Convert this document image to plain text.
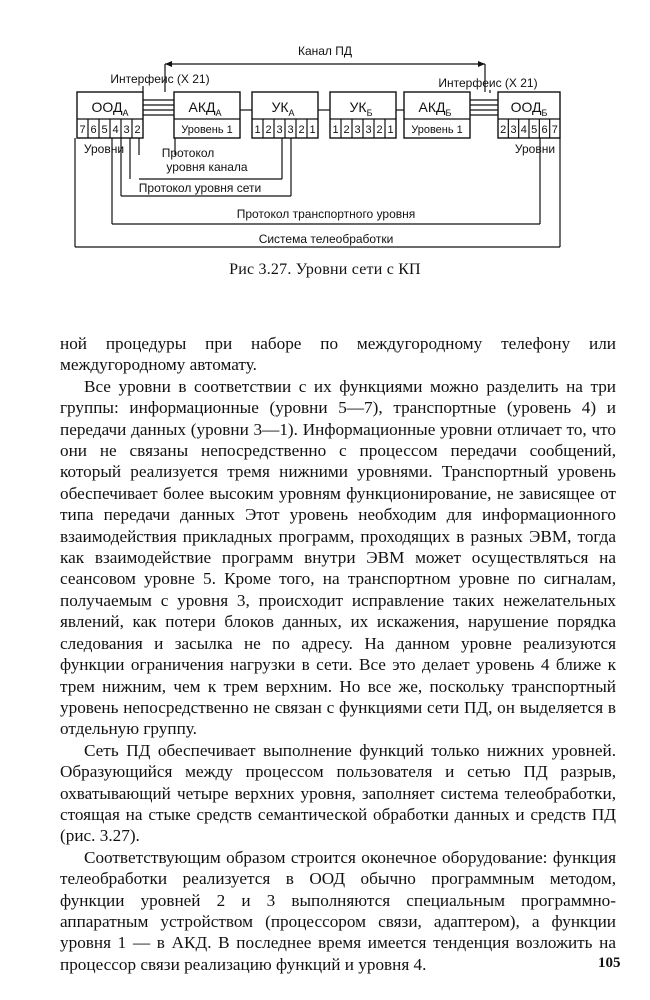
Канал ПД
Интерфеис (Х 21)	Интерфеис (Х 21)
$ООД_А$
7 6 5 4 3 2
$АКД_А$
Уровень 1
$УК_А$
1 2 3 3 2 1
$УК_Б$
1 2 3 3 2 1
$АКД_Б$
Уровень 1
$ООД_Б$
2 3 4 5 6 7
Уровни	Уровни
Протокол
уровня канала
Протокол уровня сети
Протокол транспортного уровня
Система телеобработки
Рис 3.27. Уровни сети с КП

ной процедуры при наборе по междугородному телефону или междугородному автомату.

Все уровни в соответствии с их функциями можно разделить на три группы: информационные (уровни 5—7), транспортные (уровень 4) и передачи данных (уровни 3—1). Информационные уровни отличает то, что они не связаны непосредственно с процессом передачи сообщений, который реализуется тремя нижними уровнями. Транспортный уровень обеспечивает более высоким уровням функционирование, не зависящее от типа передачи данных Этот уровень необходим для информационного взаимодействия прикладных программ, проходящих в разных ЭВМ, тогда как взаимодействие программ внутри ЭВМ может осуществляться на сеансовом уровне 5. Кроме того, на транспортном уровне по сигналам, получаемым с уровня 3, происходит исправление таких нежелательных явлений, как потери блоков данных, их искажения, нарушение порядка следования и засылка не по адресу. На данном уровне реализуются функции ограничения нагрузки в сети. Все это делает уровень 4 ближе к трем нижним, чем к трем верхним. Но все же, поскольку транспортный уровень непосредственно не связан с функциями сети ПД, он выделяется в отдельную группу.

Сеть ПД обеспечивает выполнение функций только нижних уровней. Образующийся между процессом пользователя и сетью ПД разрыв, охватывающий четыре верхних уровня, заполняет система телеобработки, стоящая на стыке средств семантической обработки данных и средств ПД (рис. 3.27).

Соответствующим образом строится оконечное оборудование: функция телеобработки реализуется в ООД обычно программным методом, функции уровней 2 и 3 выполняются специальным программно-аппаратным устройством (процессором связи, адаптером), а функции уровня 1 — в АКД. В последнее время имеется тенденция возложить на процессор связи реализацию функций и уровня 4.	105
